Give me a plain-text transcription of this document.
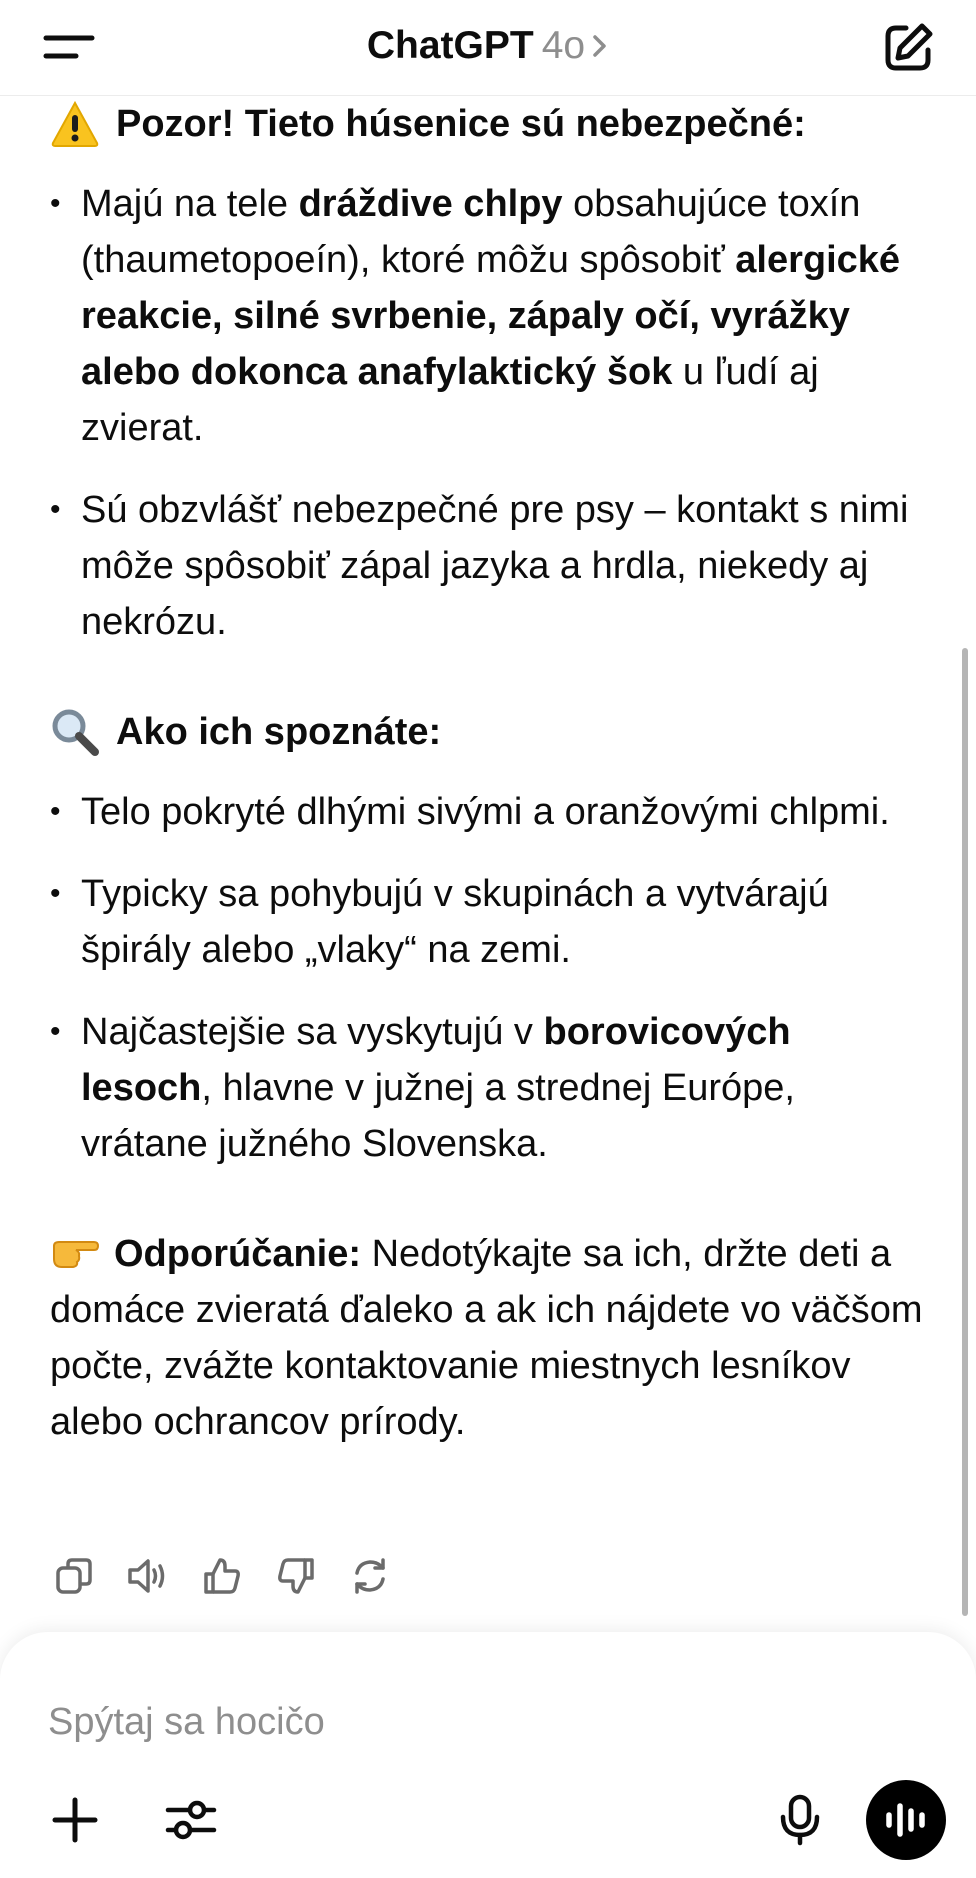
ChatGPT 4o
Pozor! Tieto húsenice sú nebezpečné:
• Majú na tele dráždive chlpy obsahujúce toxín (thaumetopoeín), ktoré môžu spôsobiť alergické reakcie, silné svrbenie, zápaly očí, vyrážky alebo dokonca anafylaktický šok u ľudí aj zvierat.
• Sú obzvlášť nebezpečné pre psy – kontakt s nimi môže spôsobiť zápal jazyka a hrdla, niekedy aj nekrózu.
Ako ich spoznáte:
• Telo pokryté dlhými sivými a oranžovými chlpmi.
• Typicky sa pohybujú v skupinách a vytvárajú špirály alebo „vlaky“ na zemi.
• Najčastejšie sa vyskytujú v borovicových lesoch, hlavne v južnej a strednej Európe, vrátane južného Slovenska.
Odporúčanie: Nedotýkajte sa ich, držte deti a domáce zvieratá ďaleko a ak ich nájdete vo väčšom počte, zvážte kontaktovanie miestnych lesníkov alebo ochrancov prírody.
Spýtaj sa hocičo
